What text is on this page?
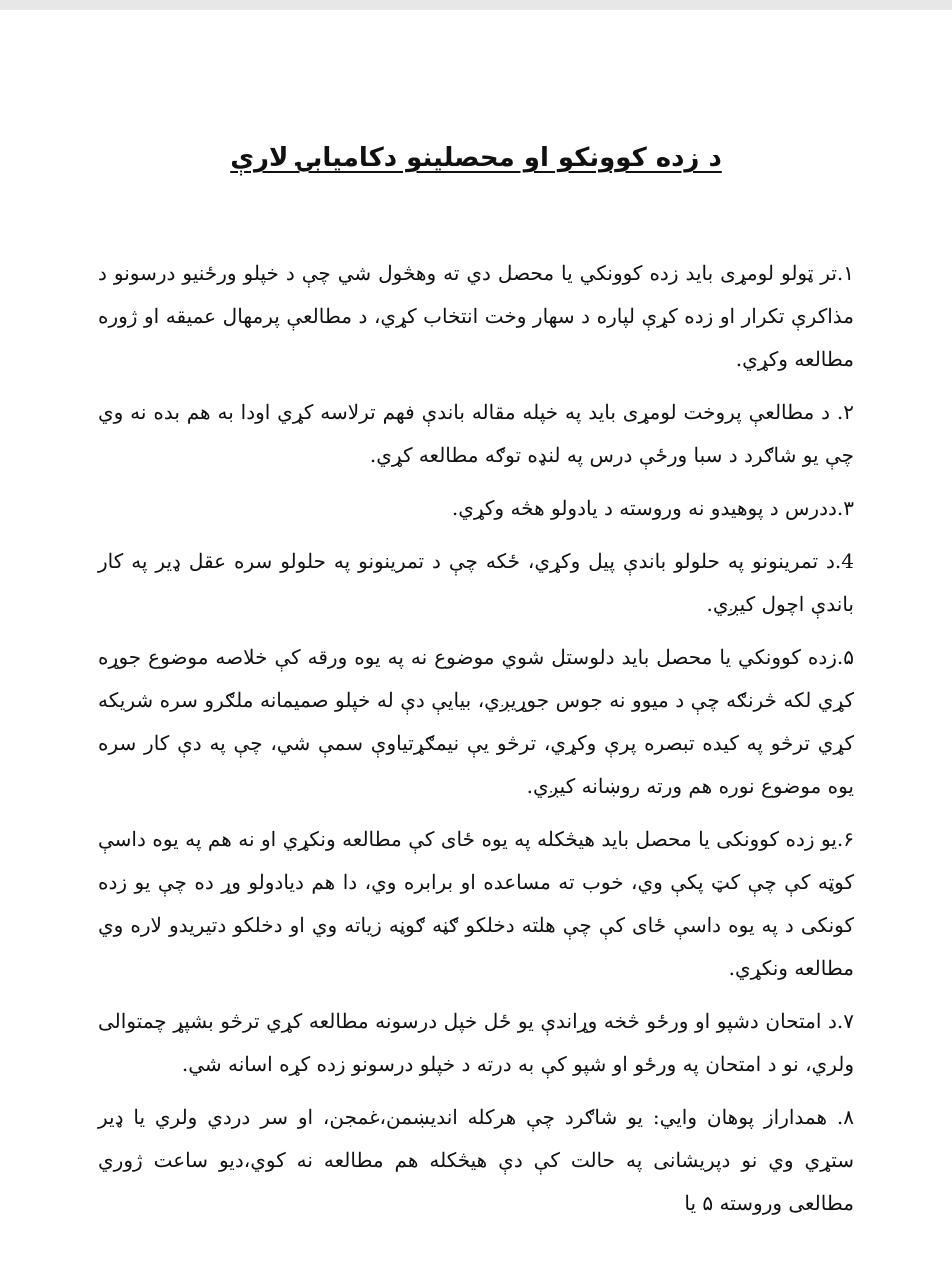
د زده کوونکو او محصلینو دکامیابۍ لارې

۱.تر ټولو لومړی باید زده کوونکي یا محصل دي ته وهڅول شي چې د خپلو ورځنیو درسونو د مذاکرې تکرار او زده کړې لپاره د سهار وخت انتخاب کړي، د مطالعې پرمهال عمیقه او ژوره مطالعه وکړي.

۲. د مطالعې پروخت لومړی باید په خپله مقاله باندې فهم ترلاسه کړي اودا به هم بده نه وي چې یو شاګرد د سبا ورځې درس په لنډه توګه مطالعه کړي.

۳.ددرس د پوهیدو نه وروسته د یادولو هڅه وکړي.

4.د تمرینونو په حلولو باندې پیل وکړي، ځکه چې د تمرینونو په حلولو سره عقل ډیر په کار باندې اچول کیږي.

۵.زده کوونکي یا محصل باید دلوستل شوي موضوع نه په یوه ورقه کې خلاصه موضوع جوړه کړي لکه څرنګه چې د میوو نه جوس جوړیږي، بیایې دې له خپلو صمیمانه ملګرو سره شریکه کړي ترڅو په کیده تبصره پرې وکړي، ترڅو یې نیمګړتیاوې سمې شي، چې په دې کار سره یوه موضوع نوره هم ورته روښانه کیږي.

۶.یو زده کوونکی یا محصل باید هیڅکله په یوه ځای کې مطالعه ونکړي او نه هم په یوه داسې کوټه کې چې کټ پکې وي، خوب ته مساعده او برابره وي، دا هم دیادولو وړ ده چې یو زده کونکی د په یوه داسې ځای کې چې هلته دخلکو ګڼه ګوڼه زیاته وي او دخلکو دتیریدو لاره وي مطالعه ونکړي.

۷.د امتحان دشپو او ورځو څخه وړاندې یو ځل خپل درسونه مطالعه کړي ترڅو بشپړ چمتوالی ولري، نو د امتحان په ورځو او شپو کې به درته د خپلو درسونو زده کړه اسانه شي.

۸. همداراز پوهان وایي: یو شاګرد چې هرکله اندیښمن،غمجن، او سر دردي ولري یا ډیر ستړي وي نو دپریشانی په حالت کې دې هیڅکله هم مطالعه نه کوي،دیو ساعت ژوري مطالعی وروسته ۵ یا
